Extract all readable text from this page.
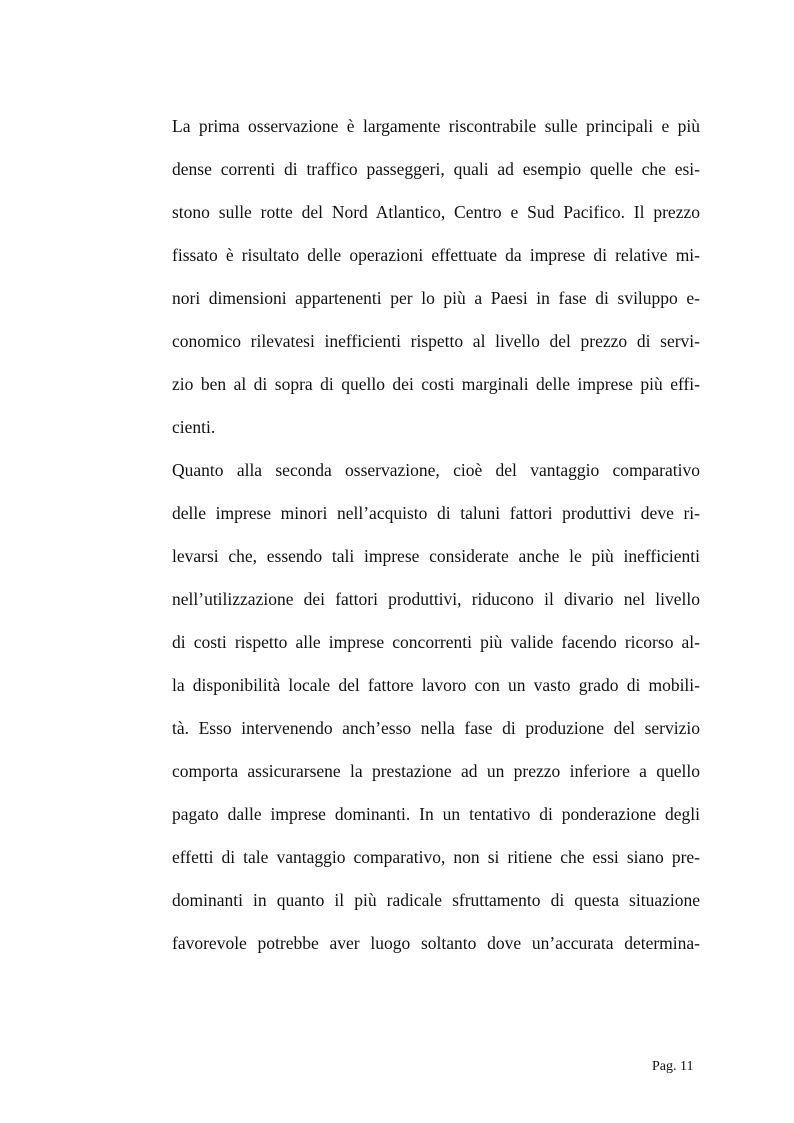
La prima osservazione è largamente riscontrabile sulle principali e più
dense correnti di traffico passeggeri, quali ad esempio quelle che esi-
stono sulle rotte del Nord Atlantico, Centro e Sud Pacifico. Il prezzo
fissato è risultato delle operazioni effettuate da imprese di relative mi-
nori dimensioni appartenenti per lo più a Paesi in fase di sviluppo e-
conomico rilevatesi inefficienti rispetto al livello del prezzo di servi-
zio ben al di sopra di quello dei costi marginali delle imprese più effi-
cienti.
Quanto alla seconda osservazione, cioè del vantaggio comparativo
delle imprese minori nell’acquisto di taluni fattori produttivi deve ri-
levarsi che, essendo tali imprese considerate anche le più inefficienti
nell’utilizzazione dei fattori produttivi, riducono il divario nel livello
di costi rispetto alle imprese concorrenti più valide facendo ricorso al-
la disponibilità locale del fattore lavoro con un vasto grado di mobili-
tà. Esso intervenendo anch’esso nella fase di produzione del servizio
comporta assicurarsene la prestazione ad un prezzo inferiore a quello
pagato dalle imprese dominanti. In un tentativo di ponderazione degli
effetti di tale vantaggio comparativo, non si ritiene che essi siano pre-
dominanti in quanto il più radicale sfruttamento di questa situazione
favorevole potrebbe aver luogo soltanto dove un’accurata determina-
Pag. 11
